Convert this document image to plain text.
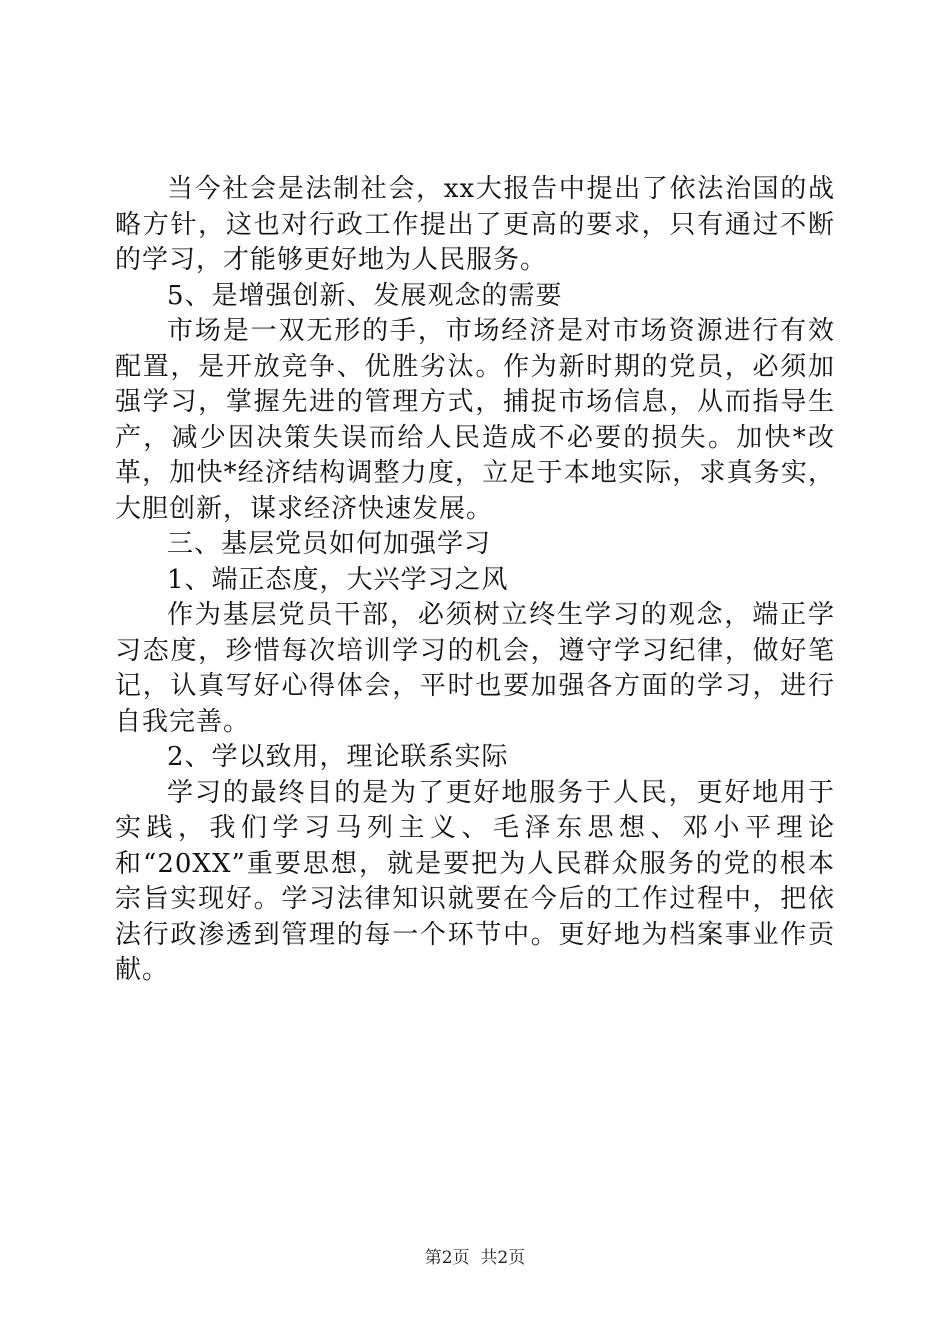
当今社会是法制社会，xx大报告中提出了依法治国的战略方针，这也对行政工作提出了更高的要求，只有通过不断的学习，才能够更好地为人民服务。

5、是增强创新、发展观念的需要

市场是一双无形的手，市场经济是对市场资源进行有效配置，是开放竞争、优胜劣汰。作为新时期的党员，必须加强学习，掌握先进的管理方式，捕捉市场信息，从而指导生产，减少因决策失误而给人民造成不必要的损失。加快*改革，加快*经济结构调整力度，立足于本地实际，求真务实，大胆创新，谋求经济快速发展。

三、基层党员如何加强学习

1、端正态度，大兴学习之风

作为基层党员干部，必须树立终生学习的观念，端正学习态度，珍惜每次培训学习的机会，遵守学习纪律，做好笔记，认真写好心得体会，平时也要加强各方面的学习，进行自我完善。

2、学以致用，理论联系实际

学习的最终目的是为了更好地服务于人民，更好地用于实践，我们学习马列主义、毛泽东思想、邓小平理论和“20XX”重要思想，就是要把为人民群众服务的党的根本宗旨实现好。学习法律知识就要在今后的工作过程中，把依法行政渗透到管理的每一个环节中。更好地为档案事业作贡献。

第2页  共2页
